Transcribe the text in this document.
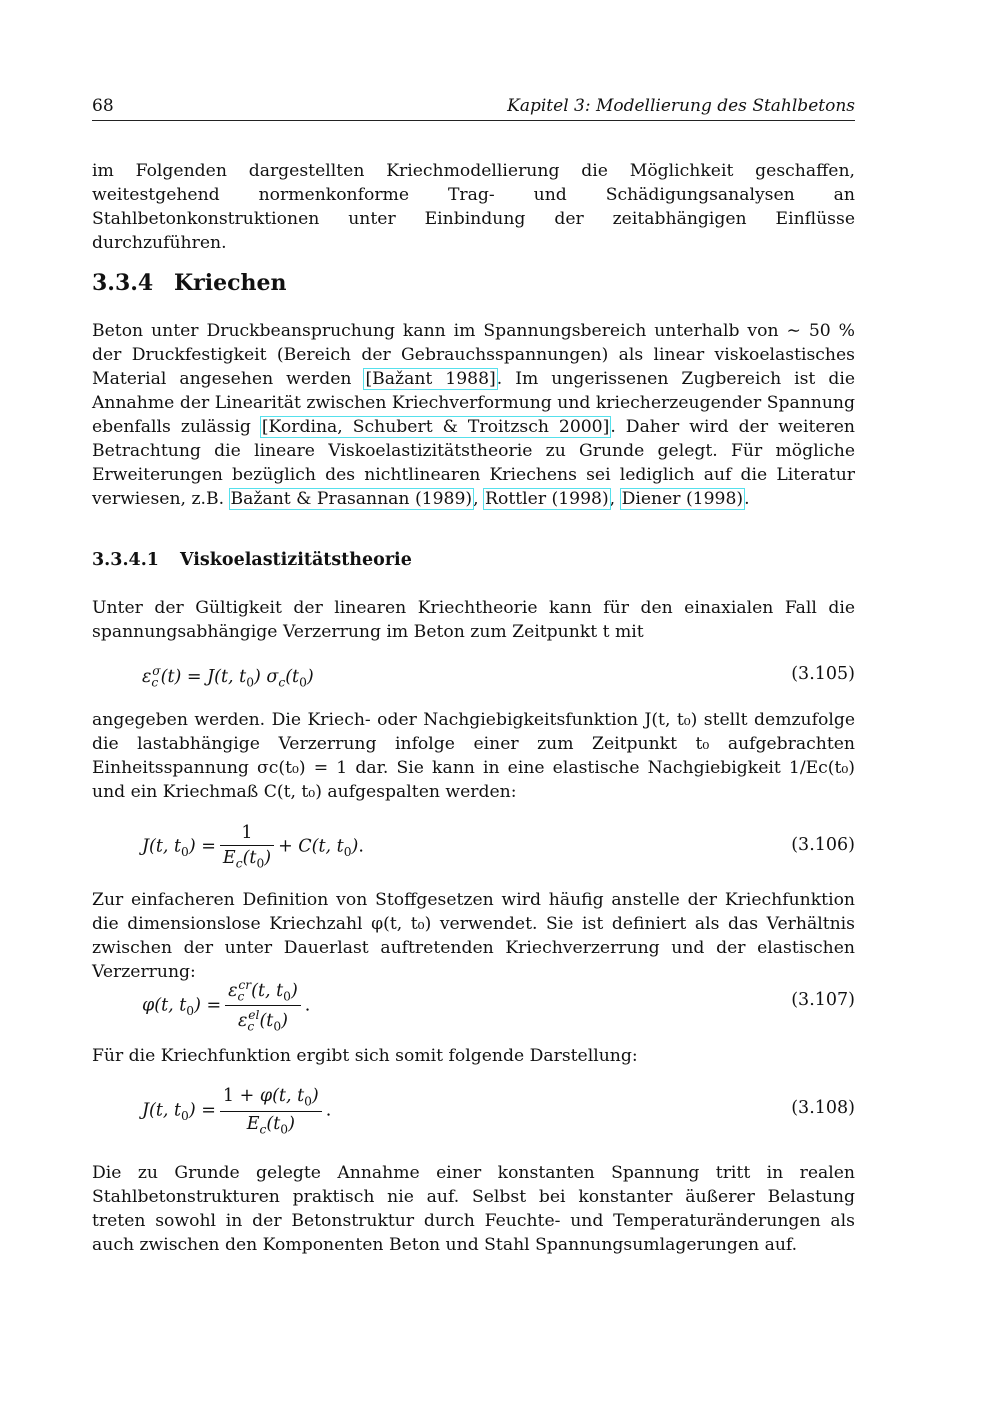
68	Kapitel 3: Modellierung des Stahlbetons

im Folgenden dargestellten Kriechmodellierung die Möglichkeit geschaffen, weitestgehend normenkonforme Trag- und Schädigungsanalysen an Stahlbetonkonstruktionen unter Einbindung der zeitabhängigen Einflüsse durchzuführen.

3.3.4 Kriechen

Beton unter Druckbeanspruchung kann im Spannungsbereich unterhalb von ∼ 50 % der Druckfestigkeit (Bereich der Gebrauchsspannungen) als linear viskoelastisches Material angesehen werden [Bažant 1988]. Im ungerissenen Zugbereich ist die Annahme der Linearität zwischen Kriechverformung und kriecherzeugender Spannung ebenfalls zulässig [Kordina, Schubert & Troitzsch 2000]. Daher wird der weiteren Betrachtung die lineare Viskoelastizitätstheorie zu Grunde gelegt. Für mögliche Erweiterungen bezüglich des nichtlinearen Kriechens sei lediglich auf die Literatur verwiesen, z.B. Bažant & Prasannan (1989), Rottler (1998), Diener (1998).

3.3.4.1 Viskoelastizitätstheorie

Unter der Gültigkeit der linearen Kriechtheorie kann für den einaxialen Fall die spannungsabhängige Verzerrung im Beton zum Zeitpunkt t mit

$\varepsilon_c^\sigma(t) = J(t$, $t_0$) $\sigma_c(t_0)$	(3.105)

angegeben werden. Die Kriech- oder Nachgiebigkeitsfunktion J(t, t₀) stellt demzufolge die lastabhängige Verzerrung infolge einer zum Zeitpunkt t₀ aufgebrachten Einheitsspannung σc(t₀) = 1 dar. Sie kann in eine elastische Nachgiebigkeit 1/Ec(t₀) und ein Kriechmaß C(t, t₀) aufgespalten werden:

J(t, $t_0) = \frac{1}{E_c(t_0)} + C(t$, $t_0$).	(3.106)

Zur einfacheren Definition von Stoffgesetzen wird häufig anstelle der Kriechfunktion die dimensionslose Kriechzahl φ(t, t₀) verwendet. Sie ist definiert als das Verhältnis zwischen der unter Dauerlast auftretenden Kriechverzerrung und der elastischen Verzerrung:

φ(t, $t_0) = \frac{\varepsilon_c^{cr}(t, t_0)}{\varepsilon_c^{el}(t_0)}$ .	(3.107)

Für die Kriechfunktion ergibt sich somit folgende Darstellung:

J(t, $t_0) = \frac{1 + \varphi(t, t_0)}{E_c(t_0)}$ .	(3.108)

Die zu Grunde gelegte Annahme einer konstanten Spannung tritt in realen Stahlbetonstrukturen praktisch nie auf. Selbst bei konstanter äußerer Belastung treten sowohl in der Betonstruktur durch Feuchte- und Temperaturänderungen als auch zwischen den Komponenten Beton und Stahl Spannungsumlagerungen auf.
